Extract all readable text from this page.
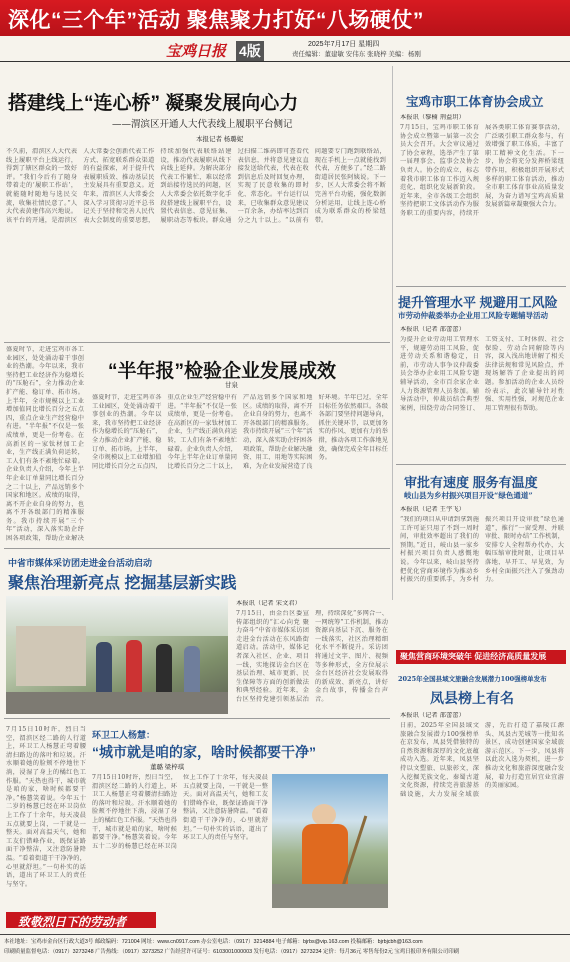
深化“三个年”活动 聚焦聚力打好“八场硬仗”
宝鸡日报 4版	2025年7月17日 星期四
责任编辑：董建敏 安伟东 张晓梓 美编：杨刚
搭建线上“连心桥” 凝聚发展向心力
——渭滨区开通人大代表线上履职平台侧记
本报记者 杨璐妮
不久前，渭滨区人大代表线上履职平台上线运行，得到了辖区群众的一致好评。“我们今后有了随身带着走的‘履职工作站’，就能随时随地与选民交流，收集社情民意了。”人大代表黄建伟高兴地说。该平台的开通，是渭滨区人大常委会创新代表工作方式、拓宽联系群众渠道的有益探索，对于提升代表履职质效、推动基层民主发展具有重要意义。近年来，渭滨区人大常委会深入学习贯彻习近平总书记关于坚持和完善人民代表大会制度的重要思想，持续加强代表联络站建设，推动代表履职从线下向线上延伸。为解决部分代表工作繁忙、难以经常到站接待选民的问题，区人大常委会依托数字化手段搭建线上履职平台，设置代表信息、意见征集、履职动态等板块。群众通过扫描二维码即可查看代表信息，并将意见建议直接发送给代表，代表在收到信息后及时回复办理，实现了民意收集的即时化、常态化。平台运行以来，已收集群众意见建议一百余条，办结率达到百分之九十以上。“以前有问题要专门跑到联络站，现在手机上一点就能找到代表，方便多了。”经二路街道居民张阿姨说。下一步，区人大常委会将不断完善平台功能，强化数据分析运用，让线上连心桥成为联系群众的桥梁纽带。
盛夏时节，走进宝鸡市各工业园区，处处涌动着干事创业的热潮。今年以来，我市坚持把工业经济作为稳增长的“压舱石”，全力推动企业扩产能、稳订单、拓市场。上半年，全市规模以上工业增加值同比增长百分之五点四，重点企业生产经营稳中有进。“半年报”不仅是一张成绩单，更是一份考卷。在高新区的一家钛材加工企业，生产线正满负荷运转，工人们有条不紊地忙碌着。企业负责人介绍，今年上半年企业订单量同比增长百分之二十以上，产品远销多个国家和地区。成绩的取得，离不开企业自身的努力，也离不开各级部门的精准服务。我市持续开展“三个年”活动，深入落实助企纾困各项政策，帮助企业解决
“半年报”检验企业发展成效
甘泉
盛夏时节，走进宝鸡市各工业园区，处处涌动着干事创业的热潮。今年以来，我市坚持把工业经济作为稳增长的“压舱石”，全力推动企业扩产能、稳订单、拓市场。上半年，全市规模以上工业增加值同比增长百分之五点四，重点企业生产经营稳中有进。“半年报”不仅是一张成绩单，更是一份考卷。在高新区的一家钛材加工企业，生产线正满负荷运转，工人们有条不紊地忙碌着。企业负责人介绍，今年上半年企业订单量同比增长百分之二十以上，产品远销多个国家和地区。成绩的取得，离不开企业自身的努力，也离不开各级部门的精准服务。我市持续开展“三个年”活动，深入落实助企纾困各项政策，帮助企业解决融资、用工、用地等实际困难，为企业发展营造了良好环境。半年已过，全年目标任务依然艰巨。各级各部门要坚持问题导向，抓住关键环节，以更加务实的作风、更加有力的举措，推动各项工作落地见效，确保完成全年目标任务。
中省市媒体采访团走进金台活动启动
聚焦治理新亮点 挖掘基层新实践
本报讯（记者 宋文君）
7月15日，由金台区委宣传部组织的“汇心向党 聚力奋斗”中省市媒体采访团走进金台活动在东风路街道启动。活动中，媒体记者深入社区、企业、项目一线，实地探访金台区在基层治理、城市更新、民生保障等方面的创新做法和典型经验。近年来，金台区坚持党建引领基层治理，持续深化“多网合一、一网统筹”工作机制，推动资源向基层下沉、服务在一线落实，社区治理精细化水平不断提升。采访团将通过文字、图片、视频等多种形式，全方位展示金台区经济社会发展取得的新成效、新亮点，讲好金台故事，传播金台声音。
7月15日10时许，烈日当空，渭滨区经二路的人行道上，环卫工人杨慧正弯着腰清扫路边的落叶和垃圾。汗水顺着她的脸颊不停地往下淌，浸湿了身上的橘红色工作服。“天热也得干，城市就是咱的家，啥时候都要干净。”杨慧笑着说。今年五十二岁的杨慧已经在环卫岗位上工作了十余年，每天凌晨五点就要上岗，一干就是一整天。面对高温天气，她和工友们错峰作业，既保证路面干净整洁，又注意防暑降温。“看着街道干干净净的，心里就舒坦。”一句朴实的话语，道出了环卫工人的责任与坚守。
环卫工人杨慧：
“城市就是咱的家，啥时候都要干净”
董璐 梁梓琪
7月15日10时许，烈日当空，渭滨区经二路的人行道上，环卫工人杨慧正弯着腰清扫路边的落叶和垃圾。汗水顺着她的脸颊不停地往下淌，浸湿了身上的橘红色工作服。“天热也得干，城市就是咱的家，啥时候都要干净。”杨慧笑着说。今年五十二岁的杨慧已经在环卫岗位上工作了十余年，每天凌晨五点就要上岗，一干就是一整天。面对高温天气，她和工友们错峰作业，既保证路面干净整洁，又注意防暑降温。“看着街道干干净净的，心里就舒坦。”一句朴实的话语，道出了环卫工人的责任与坚守。
致敬烈日下的劳动者
宝鸡市职工体育协会成立
本报讯（黎楠 荆益玥）
7月15日，宝鸡市职工体育协会成立暨第一届第一次会员大会召开。大会审议通过了协会章程，选举产生了第一届理事会、监事会及协会负责人。协会的成立，标志着我市职工体育工作迈入规范化、组织化发展新阶段。近年来，全市各级工会组织坚持把职工文体活动作为服务职工的重要内容，持续开展各类职工体育赛事活动，广泛吸引职工群众参与，有效增强了职工体质，丰富了职工精神文化生活。下一步，协会将充分发挥桥梁纽带作用，积极组织开展形式多样的职工体育活动，推动全市职工体育事业高质量发展，为奋力谱写宝鸡高质量发展新篇章凝聚强大合力。
提升管理水平 规避用工风险
市劳动仲裁委举办企业用工风险专题辅导活动
本报讯（记者 邵蕾蕾）
为提升企业劳动用工管理水平，规避劳动用工风险，促进劳动关系和谐稳定，日前，市劳动人事争议仲裁委员会举办企业用工风险专题辅导活动，全市百余家企业人力资源管理人员参加。辅导活动中，仲裁员结合典型案例，围绕劳动合同签订、工资支付、工时休假、社会保险、劳动合同解除等内容，深入浅出地讲解了相关法律法规和常见风险点，并现场解答了企业提出的问题。参加活动的企业人员纷纷表示，此次辅导针对性强、实用性强，对规范企业用工管理很有帮助。
审批有速度 服务有温度
岐山县为乡村振兴项目开设“绿色通道”
本报讯（记者 王宇飞）
“我们的项目从申请到拿到施工许可证只用了不到一周时间，审批效率超出了我们的预期。”近日，岐山县一家乡村振兴项目负责人感慨地说。今年以来，岐山县坚持把优化营商环境作为推动乡村振兴的重要抓手，为乡村振兴项目开设审批“绿色通道”，推行“一窗受理、并联审批、限时办结”工作机制，安排专人全程帮办代办，大幅压缩审批时限，让项目早落地、早开工、早见效，为乡村全面振兴注入了强劲动力。
聚焦营商环境突破年 促进经济高质量发展
2025年全国县域文旅融合发展潜力100强榜单发布
凤县榜上有名
本报讯（记者 邵蕾蕾）
日前，2025年全国县域文旅融合发展潜力100强榜单在京发布，凤县凭借独特的自然资源和深厚的文化底蕴成功入选。近年来，凤县坚持以文塑旅、以旅彰文，深入挖掘羌族文化、秦蜀古道文化资源，持续完善旅游基础设施，大力发展全域旅游，先后打造了嘉陵江源头、凤县古羌城等一批知名景区，成功创建国家全域旅游示范区。下一步，凤县将以此次入选为契机，进一步推动文化和旅游深度融合发展，着力打造宜居宜业宜游的美丽家园。
本社地址：宝鸡市金台区行政大道3号 邮政编码：721004 网址：www.cn0917.com 办公室电话：（0917）3214884 电子邮箱：bjrbs@vip.163.com 投稿邮箱：bjrbjcbh@163.com
印刷质量监督电话：（0917）3273248 广告热线：（0917）3273252 广告经营许可证号：6103001000003 发行电话：（0917）3273234 定价：每月36元 零售每份2元 宝鸡日报印务有限公司印刷
